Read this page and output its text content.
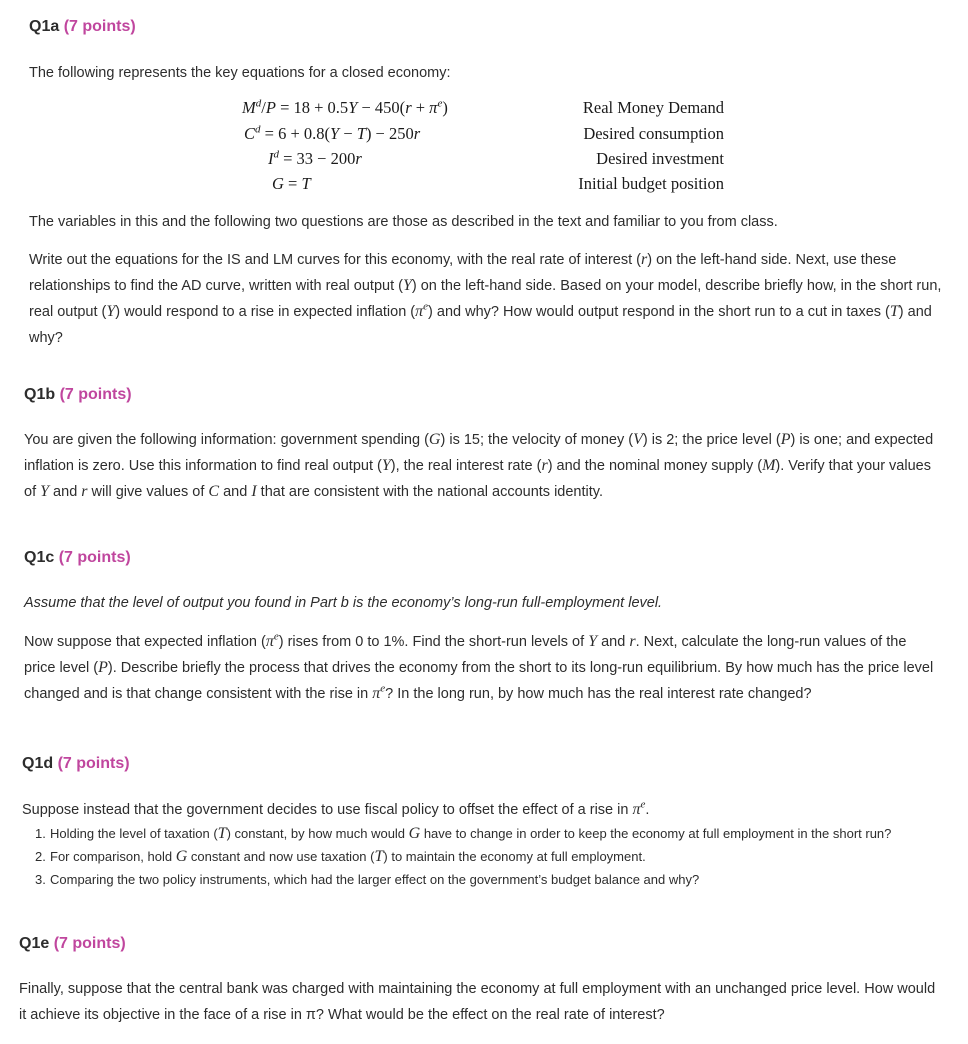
Q1a (7 points)
The following represents the key equations for a closed economy:
$M^d/P = 18 + 0.5Y - 450(r + \pi^e)$	Real Money Demand
$C^d = 6 + 0.8(Y - T) - 250r$	Desired consumption
$I^d = 33 - 200r$	Desired investment
G = T	Initial budget position
The variables in this and the following two questions are those as described in the text and familiar to you from class.
Write out the equations for the IS and LM curves for this economy, with the real rate of interest (r) on the left-hand side. Next, use these relationships to find the AD curve, written with real output (Y) on the left-hand side. Based on your model, describe briefly how, in the short run, real output (Y) would respond to a rise in expected inflation $(\pi^e)$ and why? How would output respond in the short run to a cut in taxes (T) and why?
Q1b (7 points)
You are given the following information: government spending (G) is 15; the velocity of money (V) is 2; the price level (P) is one; and expected inflation is zero. Use this information to find real output (Y), the real interest rate (r) and the nominal money supply (M). Verify that your values of Y and r will give values of C and I that are consistent with the national accounts identity.
Q1c (7 points)
Assume that the level of output you found in Part b is the economy’s long-run full-employment level.
Now suppose that expected inflation $(\pi^e)$ rises from 0 to 1%. Find the short-run levels of Y and r. Next, calculate the long-run values of the price level (P). Describe briefly the process that drives the economy from the short to its long-run equilibrium. By how much has the price level changed and is that change consistent with the rise in $\pi^e$? In the long run, by how much has the real interest rate changed?
Q1d (7 points)
Suppose instead that the government decides to use fiscal policy to offset the effect of a rise in $\pi^e$.
1. Holding the level of taxation (T) constant, by how much would G have to change in order to keep the economy at full employment in the short run?
2. For comparison, hold G constant and now use taxation (T) to maintain the economy at full employment.
3. Comparing the two policy instruments, which had the larger effect on the government’s budget balance and why?
Q1e (7 points)
Finally, suppose that the central bank was charged with maintaining the economy at full employment with an unchanged price level. How would it achieve its objective in the face of a rise in π? What would be the effect on the real rate of interest?
